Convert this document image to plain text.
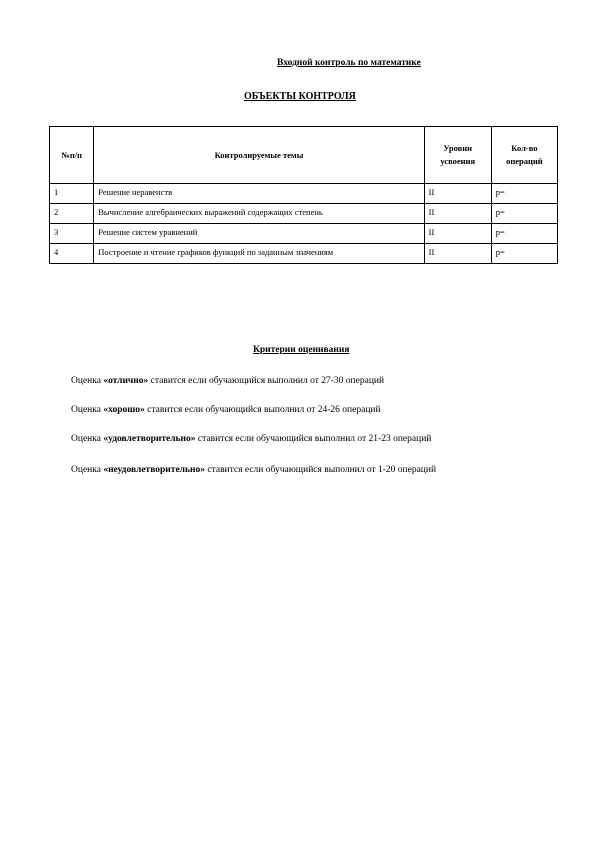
Входной контроль по математике
ОБЪЕКТЫ КОНТРОЛЯ
№п/п	Контролируемые темы	Уровни усвоения	Кол-во операций
1	Решение неравенств	II	p=
2	Вычисление алгебраических выражений содержащих степень	II	p=
3	Решение систем уравнений	II	p=
4	Построение и чтение графиков функций по заданным значениям	II	p=
Критерии оценивания
Оценка «отлично» ставится если обучающийся выполнил от 27-30 операций
Оценка «хорошо» ставится если обучающийся выполнил от 24-26 операций
Оценка «удовлетворительно» ставится если обучающийся выполнил от 21-23 операций
Оценка «неудовлетворительно» ставится если обучающийся выполнил от 1-20 операций
